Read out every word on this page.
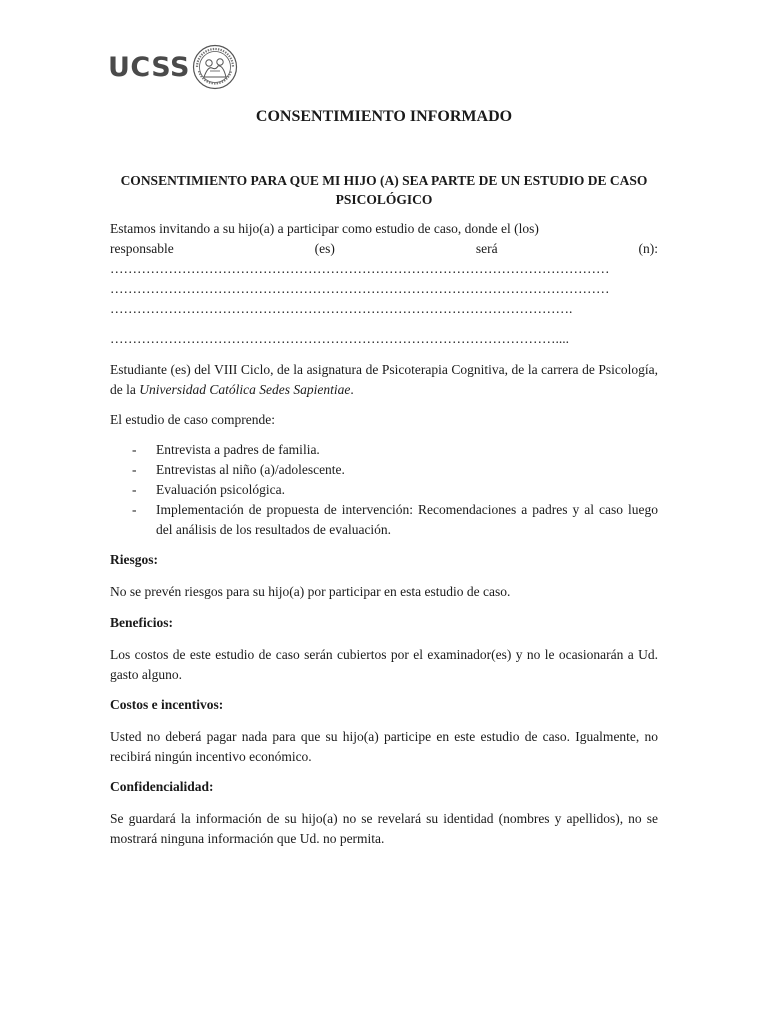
UCSS
CONSENTIMIENTO INFORMADO

CONSENTIMIENTO PARA QUE MI HIJO (A) SEA PARTE DE UN ESTUDIO DE CASO PSICOLÓGICO

Estamos invitando a su hijo(a) a participar como estudio de caso, donde el (los)

responsable (es) será (n):

…………………………………………………………………………………………………

…………………………………………………………………………………………………

………………………………………………………………………………………….

………………………………………………………………………………………....

Estudiante (es) del VIII Ciclo, de la asignatura de Psicoterapia Cognitiva, de la carrera de Psicología, de la Universidad Católica Sedes Sapientiae.

El estudio de caso comprende:

- Entrevista a padres de familia.
- Entrevistas al niño (a)/adolescente.
- Evaluación psicológica.
- Implementación de propuesta de intervención: Recomendaciones a padres y al caso luego del análisis de los resultados de evaluación.

Riesgos:

No se prevén riesgos para su hijo(a) por participar en esta estudio de caso.

Beneficios:

Los costos de este estudio de caso serán cubiertos por el examinador(es) y no le ocasionarán a Ud. gasto alguno.

Costos e incentivos:

Usted no deberá pagar nada para que su hijo(a) participe en este estudio de caso. Igualmente, no recibirá ningún incentivo económico.

Confidencialidad:

Se guardará la información de su hijo(a) no se revelará su identidad (nombres y apellidos), no se mostrará ninguna información que Ud. no permita.
